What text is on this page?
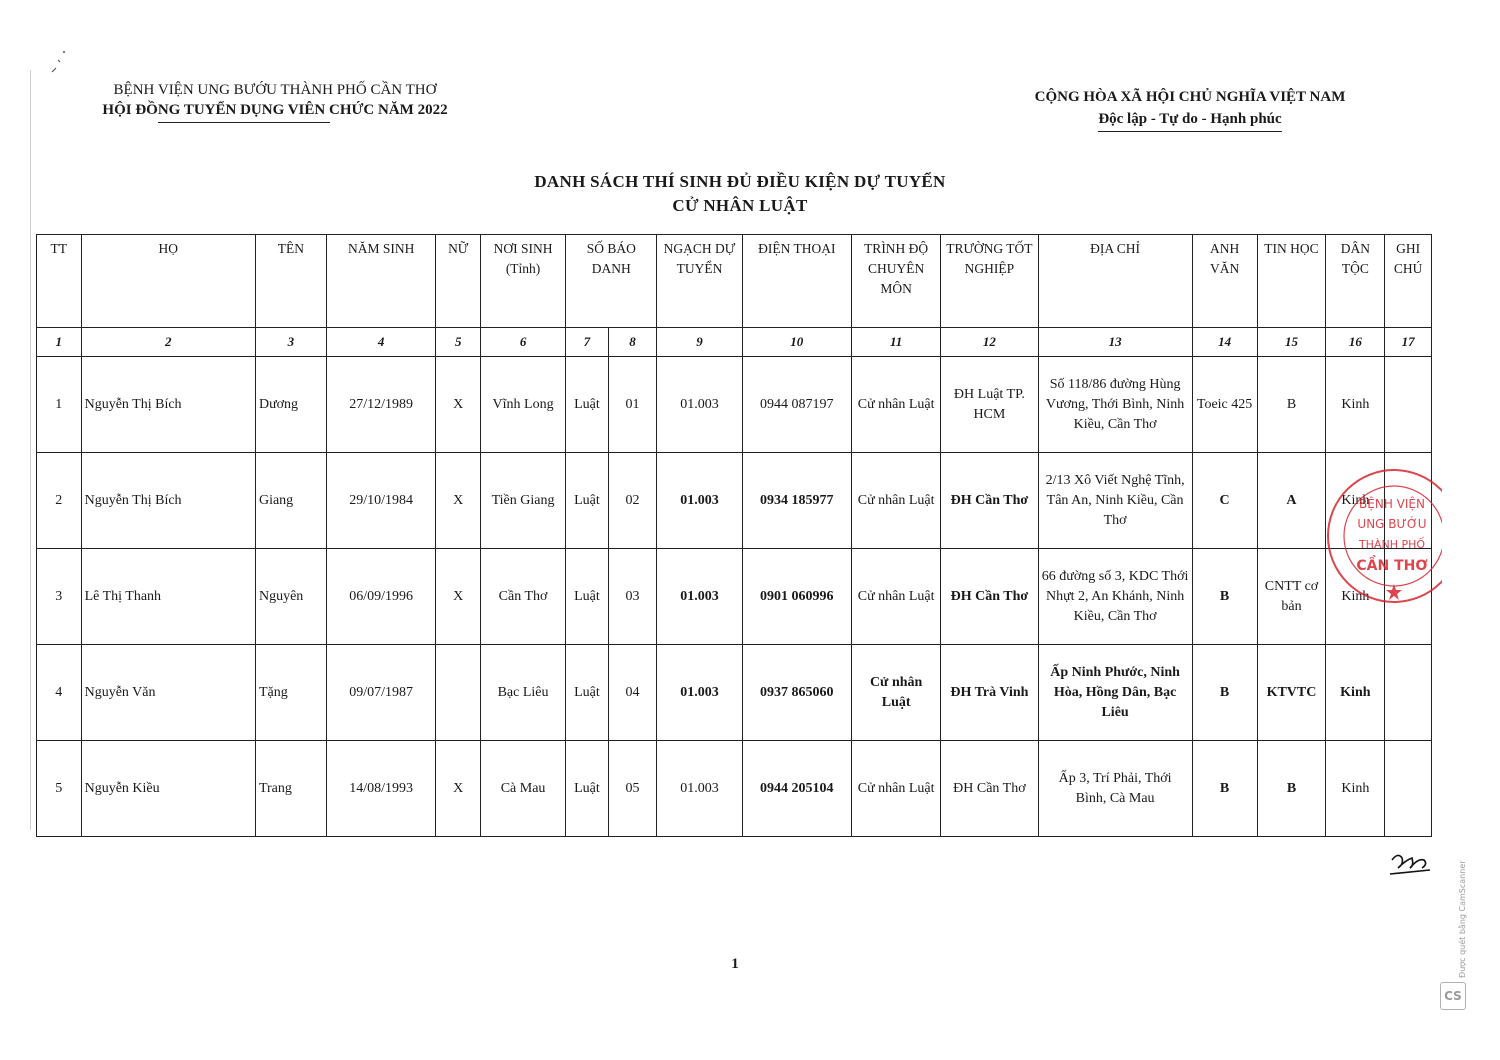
BỆNH VIỆN UNG BƯỚU THÀNH PHỐ CẦN THƠ
HỘI ĐỒNG TUYỂN DỤNG VIÊN CHỨC NĂM 2022
CỘNG HÒA XÃ HỘI CHỦ NGHĨA VIỆT NAM
Độc lập - Tự do - Hạnh phúc
DANH SÁCH THÍ SINH ĐỦ ĐIỀU KIỆN DỰ TUYỂN
CỬ NHÂN LUẬT
TT	HỌ	TÊN	NĂM SINH	NỮ	NƠI SINH (Tỉnh)	SỐ BÁO DANH		NGẠCH DỰ TUYỂN	ĐIỆN THOẠI	TRÌNH ĐỘ CHUYÊN MÔN	TRƯỜNG TỐT NGHIỆP	ĐỊA CHỈ	ANH VĂN	TIN HỌC	DÂN TỘC	GHI CHÚ
1	2	3	4	5	6	7	8	9	10	11	12	13	14	15	16	17
1	Nguyễn Thị Bích	Dương	27/12/1989	X	Vĩnh Long	Luật	01	01.003	0944 087197	Cử nhân Luật	ĐH Luật TP. HCM	Số 118/86 đường Hùng Vương, Thới Bình, Ninh Kiều, Cần Thơ	Toeic 425	B	Kinh	
2	Nguyễn Thị Bích	Giang	29/10/1984	X	Tiền Giang	Luật	02	01.003	0934 185977	Cử nhân Luật	ĐH Cần Thơ	2/13 Xô Viết Nghệ Tĩnh, Tân An, Ninh Kiều, Cần Thơ	C	A	Kinh	
3	Lê Thị Thanh	Nguyên	06/09/1996	X	Cần Thơ	Luật	03	01.003	0901 060996	Cử nhân Luật	ĐH Cần Thơ	66 đường số 3, KDC Thới Nhựt 2, An Khánh, Ninh Kiều, Cần Thơ	B	CNTT cơ bản	Kinh	
4	Nguyễn Văn	Tặng	09/07/1987		Bạc Liêu	Luật	04	01.003	0937 865060	Cử nhân Luật	ĐH Trà Vinh	Ấp Ninh Phước, Ninh Hòa, Hồng Dân, Bạc Liêu	B	KTVTC	Kinh	
5	Nguyễn Kiều	Trang	14/08/1993	X	Cà Mau	Luật	05	01.003	0944 205104	Cử nhân Luật	ĐH Cần Thơ	Ấp 3, Trí Phải, Thới Bình, Cà Mau	B	B	Kinh	
BỆNH VIỆN
UNG BƯỚU
THÀNH PHỐ
CẦN THƠ
1	Được quét bằng CamScanner
CS
